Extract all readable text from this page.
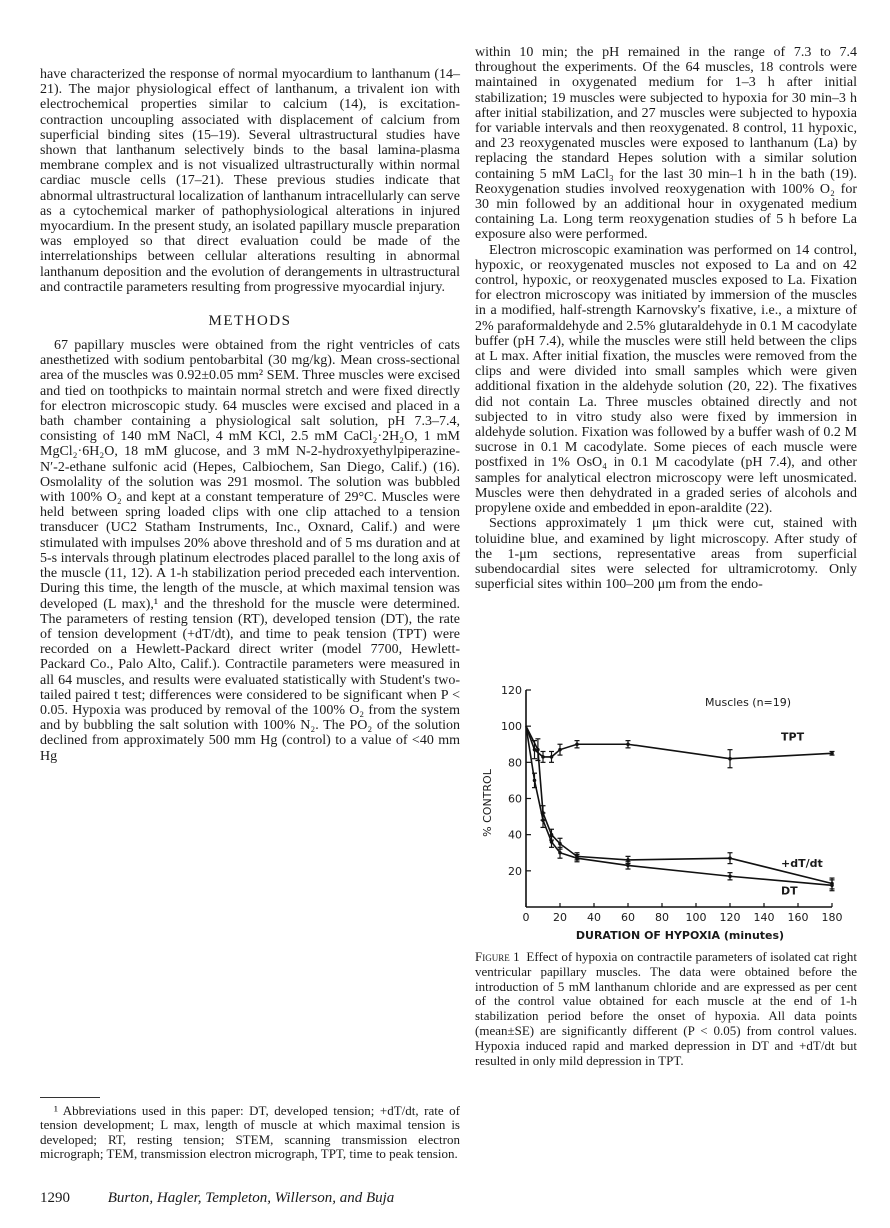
have characterized the response of normal myocardium to lanthanum (14–21). The major physiological effect of lanthanum, a trivalent ion with electrochemical properties similar to calcium (14), is excitation-contraction uncoupling associated with displacement of calcium from superficial binding sites (15–19). Several ultrastructural studies have shown that lanthanum selectively binds to the basal lamina-plasma membrane complex and is not visualized ultrastructurally within normal cardiac muscle cells (17–21). These previous studies indicate that abnormal ultrastructural localization of lanthanum intracellularly can serve as a cytochemical marker of pathophysiological alterations in injured myocardium. In the present study, an isolated papillary muscle preparation was employed so that direct evaluation could be made of the interrelationships between cellular alterations resulting in abnormal lanthanum deposition and the evolution of derangements in ultrastructural and contractile parameters resulting from progressive myocardial injury.

METHODS

67 papillary muscles were obtained from the right ventricles of cats anesthetized with sodium pentobarbital (30 mg/kg). Mean cross-sectional area of the muscles was 0.92±0.05 mm² SEM. Three muscles were excised and tied on toothpicks to maintain normal stretch and were fixed directly for electron microscopic study. 64 muscles were excised and placed in a bath chamber containing a physiological salt solution, pH 7.3–7.4, consisting of 140 mM NaCl, 4 mM KCl, 2.5 mM CaCl₂·2H₂O, 1 mM MgCl₂·6H₂O, 18 mM glucose, and 3 mM N-2-hydroxyethylpiperazine-N′-2-ethane sulfonic acid (Hepes, Calbiochem, San Diego, Calif.) (16). Osmolality of the solution was 291 mosmol. The solution was bubbled with 100% O₂ and kept at a constant temperature of 29°C. Muscles were held between spring loaded clips with one clip attached to a tension transducer (UC2 Statham Instruments, Inc., Oxnard, Calif.) and were stimulated with impulses 20% above threshold and of 5 ms duration and at 5-s intervals through platinum electrodes placed parallel to the long axis of the muscle (11, 12). A 1-h stabilization period preceded each intervention. During this time, the length of the muscle, at which maximal tension was developed (L max),¹ and the threshold for the muscle were determined. The parameters of resting tension (RT), developed tension (DT), the rate of tension development (+dT/dt), and time to peak tension (TPT) were recorded on a Hewlett-Packard direct writer (model 7700, Hewlett-Packard Co., Palo Alto, Calif.). Contractile parameters were measured in all 64 muscles, and results were evaluated statistically with Student's two-tailed paired t test; differences were considered to be significant when P < 0.05. Hypoxia was produced by removal of the 100% O₂ from the system and by bubbling the salt solution with 100% N₂. The PO₂ of the solution declined from approximately 500 mm Hg (control) to a value of <40 mm Hg

¹ Abbreviations used in this paper: DT, developed tension; +dT/dt, rate of tension development; L max, length of muscle at which maximal tension is developed; RT, resting tension; STEM, scanning transmission electron micrograph; TEM, transmission electron micrograph, TPT, time to peak tension.

within 10 min; the pH remained in the range of 7.3 to 7.4 throughout the experiments. Of the 64 muscles, 18 controls were maintained in oxygenated medium for 1–3 h after initial stabilization; 19 muscles were subjected to hypoxia for 30 min–3 h after initial stabilization, and 27 muscles were subjected to hypoxia for variable intervals and then reoxygenated. 8 control, 11 hypoxic, and 23 reoxygenated muscles were exposed to lanthanum (La) by replacing the standard Hepes solution with a similar solution containing 5 mM LaCl₃ for the last 30 min–1 h in the bath (19). Reoxygenation studies involved reoxygenation with 100% O₂ for 30 min followed by an additional hour in oxygenated medium containing La. Long term reoxygenation studies of 5 h before La exposure also were performed.

Electron microscopic examination was performed on 14 control, hypoxic, or reoxygenated muscles not exposed to La and on 42 control, hypoxic, or reoxygenated muscles exposed to La. Fixation for electron microscopy was initiated by immersion of the muscles in a modified, half-strength Karnovsky's fixative, i.e., a mixture of 2% paraformaldehyde and 2.5% glutaraldehyde in 0.1 M cacodylate buffer (pH 7.4), while the muscles were still held between the clips at L max. After initial fixation, the muscles were removed from the clips and were divided into small samples which were given additional fixation in the aldehyde solution (20, 22). The fixatives did not contain La. Three muscles obtained directly and not subjected to in vitro study also were fixed by immersion in aldehyde solution. Fixation was followed by a buffer wash of 0.2 M sucrose in 0.1 M cacodylate. Some pieces of each muscle were postfixed in 1% OsO₄ in 0.1 M cacodylate (pH 7.4), and other samples for analytical electron microscopy were left unosmicated. Muscles were then dehydrated in a graded series of alcohols and propylene oxide and embedded in epon-araldite (22).

Sections approximately 1 μm thick were cut, stained with toluidine blue, and examined by light microscopy. After study of the 1-μm sections, representative areas from superficial subendocardial sites were selected for ultramicrotomy. Only superficial sites within 100–200 μm from the endo-

% CONTROL
DURATION OF HYPOXIA (minutes)
Muscles (n=19)
0 20 40 60 80 100 120 140 160 180
20
40
60
80
100
120
TPT
+dT/dt
DT

Figure 1 Effect of hypoxia on contractile parameters of isolated cat right ventricular papillary muscles. The data were obtained before the introduction of 5 mM lanthanum chloride and are expressed as per cent of the control value obtained for each muscle at the end of 1-h stabilization period before the onset of hypoxia. All data points (mean±SE) are significantly different (P < 0.05) from control values. Hypoxia induced rapid and marked depression in DT and +dT/dt but resulted in only mild depression in TPT.

1290	Burton, Hagler, Templeton, Willerson, and Buja
